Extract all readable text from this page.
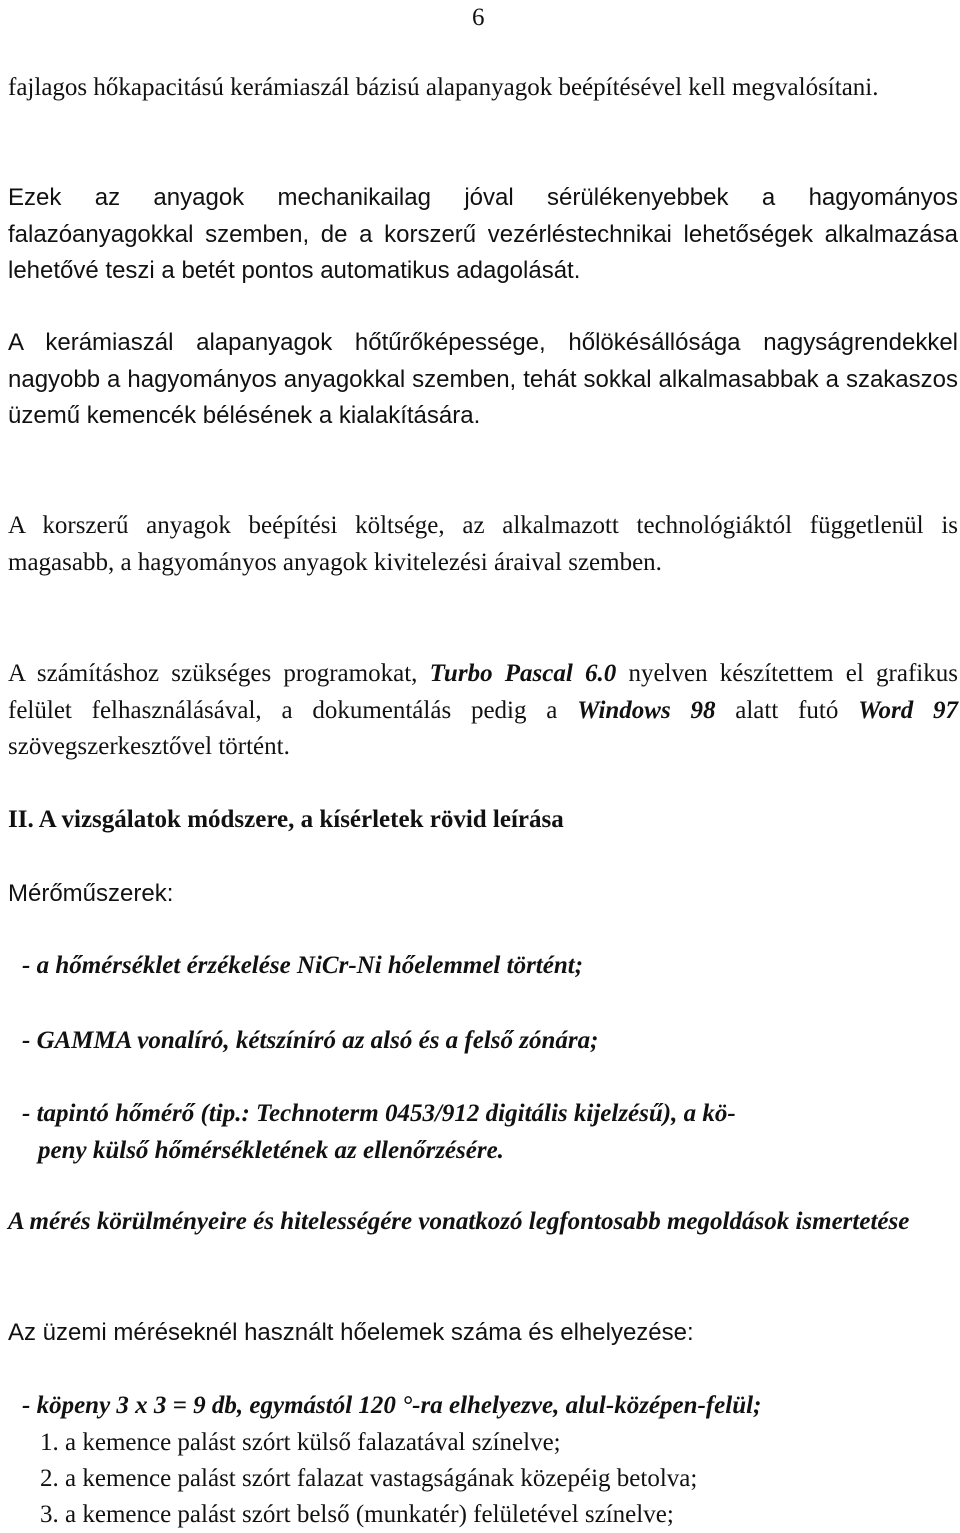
6

fajlagos hőkapacitású kerámiaszál bázisú alapanyagok beépítésével kell megvalósítani.

Ezek az anyagok mechanikailag jóval sérülékenyebbek a hagyományos falazóanyagokkal szemben, de a korszerű vezérléstechnikai lehetőségek alkalmazása lehetővé teszi a betét pontos automatikus adagolását.

A kerámiaszál alapanyagok hőtűrőképessége, hőlökésállósága nagyságrendekkel nagyobb a hagyományos anyagokkal szemben, tehát sokkal alkalmasabbak a szakaszos üzemű kemencék bélésének a kialakítására.

A korszerű anyagok beépítési költsége, az alkalmazott technológiáktól függetlenül is magasabb, a hagyományos anyagok kivitelezési áraival szemben.

A számításhoz szükséges programokat, Turbo Pascal 6.0 nyelven készítettem el grafikus felület felhasználásával, a dokumentálás pedig a Windows 98 alatt futó Word 97 szövegszerkesztővel történt.

II. A vizsgálatok módszere, a kísérletek rövid leírása
Mérőműszerek:
- a hőmérséklet érzékelése NiCr-Ni hőelemmel történt;
- GAMMA vonalíró, kétszíníró az alsó és a felső zónára;
- tapintó hőmérő (tip.: Technoterm 0453/912 digitális kijelzésű), a kö-
peny külső hőmérsékletének az ellenőrzésére.
A mérés körülményeire és hitelességére vonatkozó legfontosabb megoldások ismertetése
Az üzemi méréseknél használt hőelemek száma és elhelyezése:
- köpeny 3 x 3 = 9 db, egymástól 120 °-ra elhelyezve, alul-középen-felül;
1. a kemence palást szórt külső falazatával színelve;
2. a kemence palást szórt falazat vastagságának közepéig betolva;
3. a kemence palást szórt belső (munkatér) felületével színelve;
